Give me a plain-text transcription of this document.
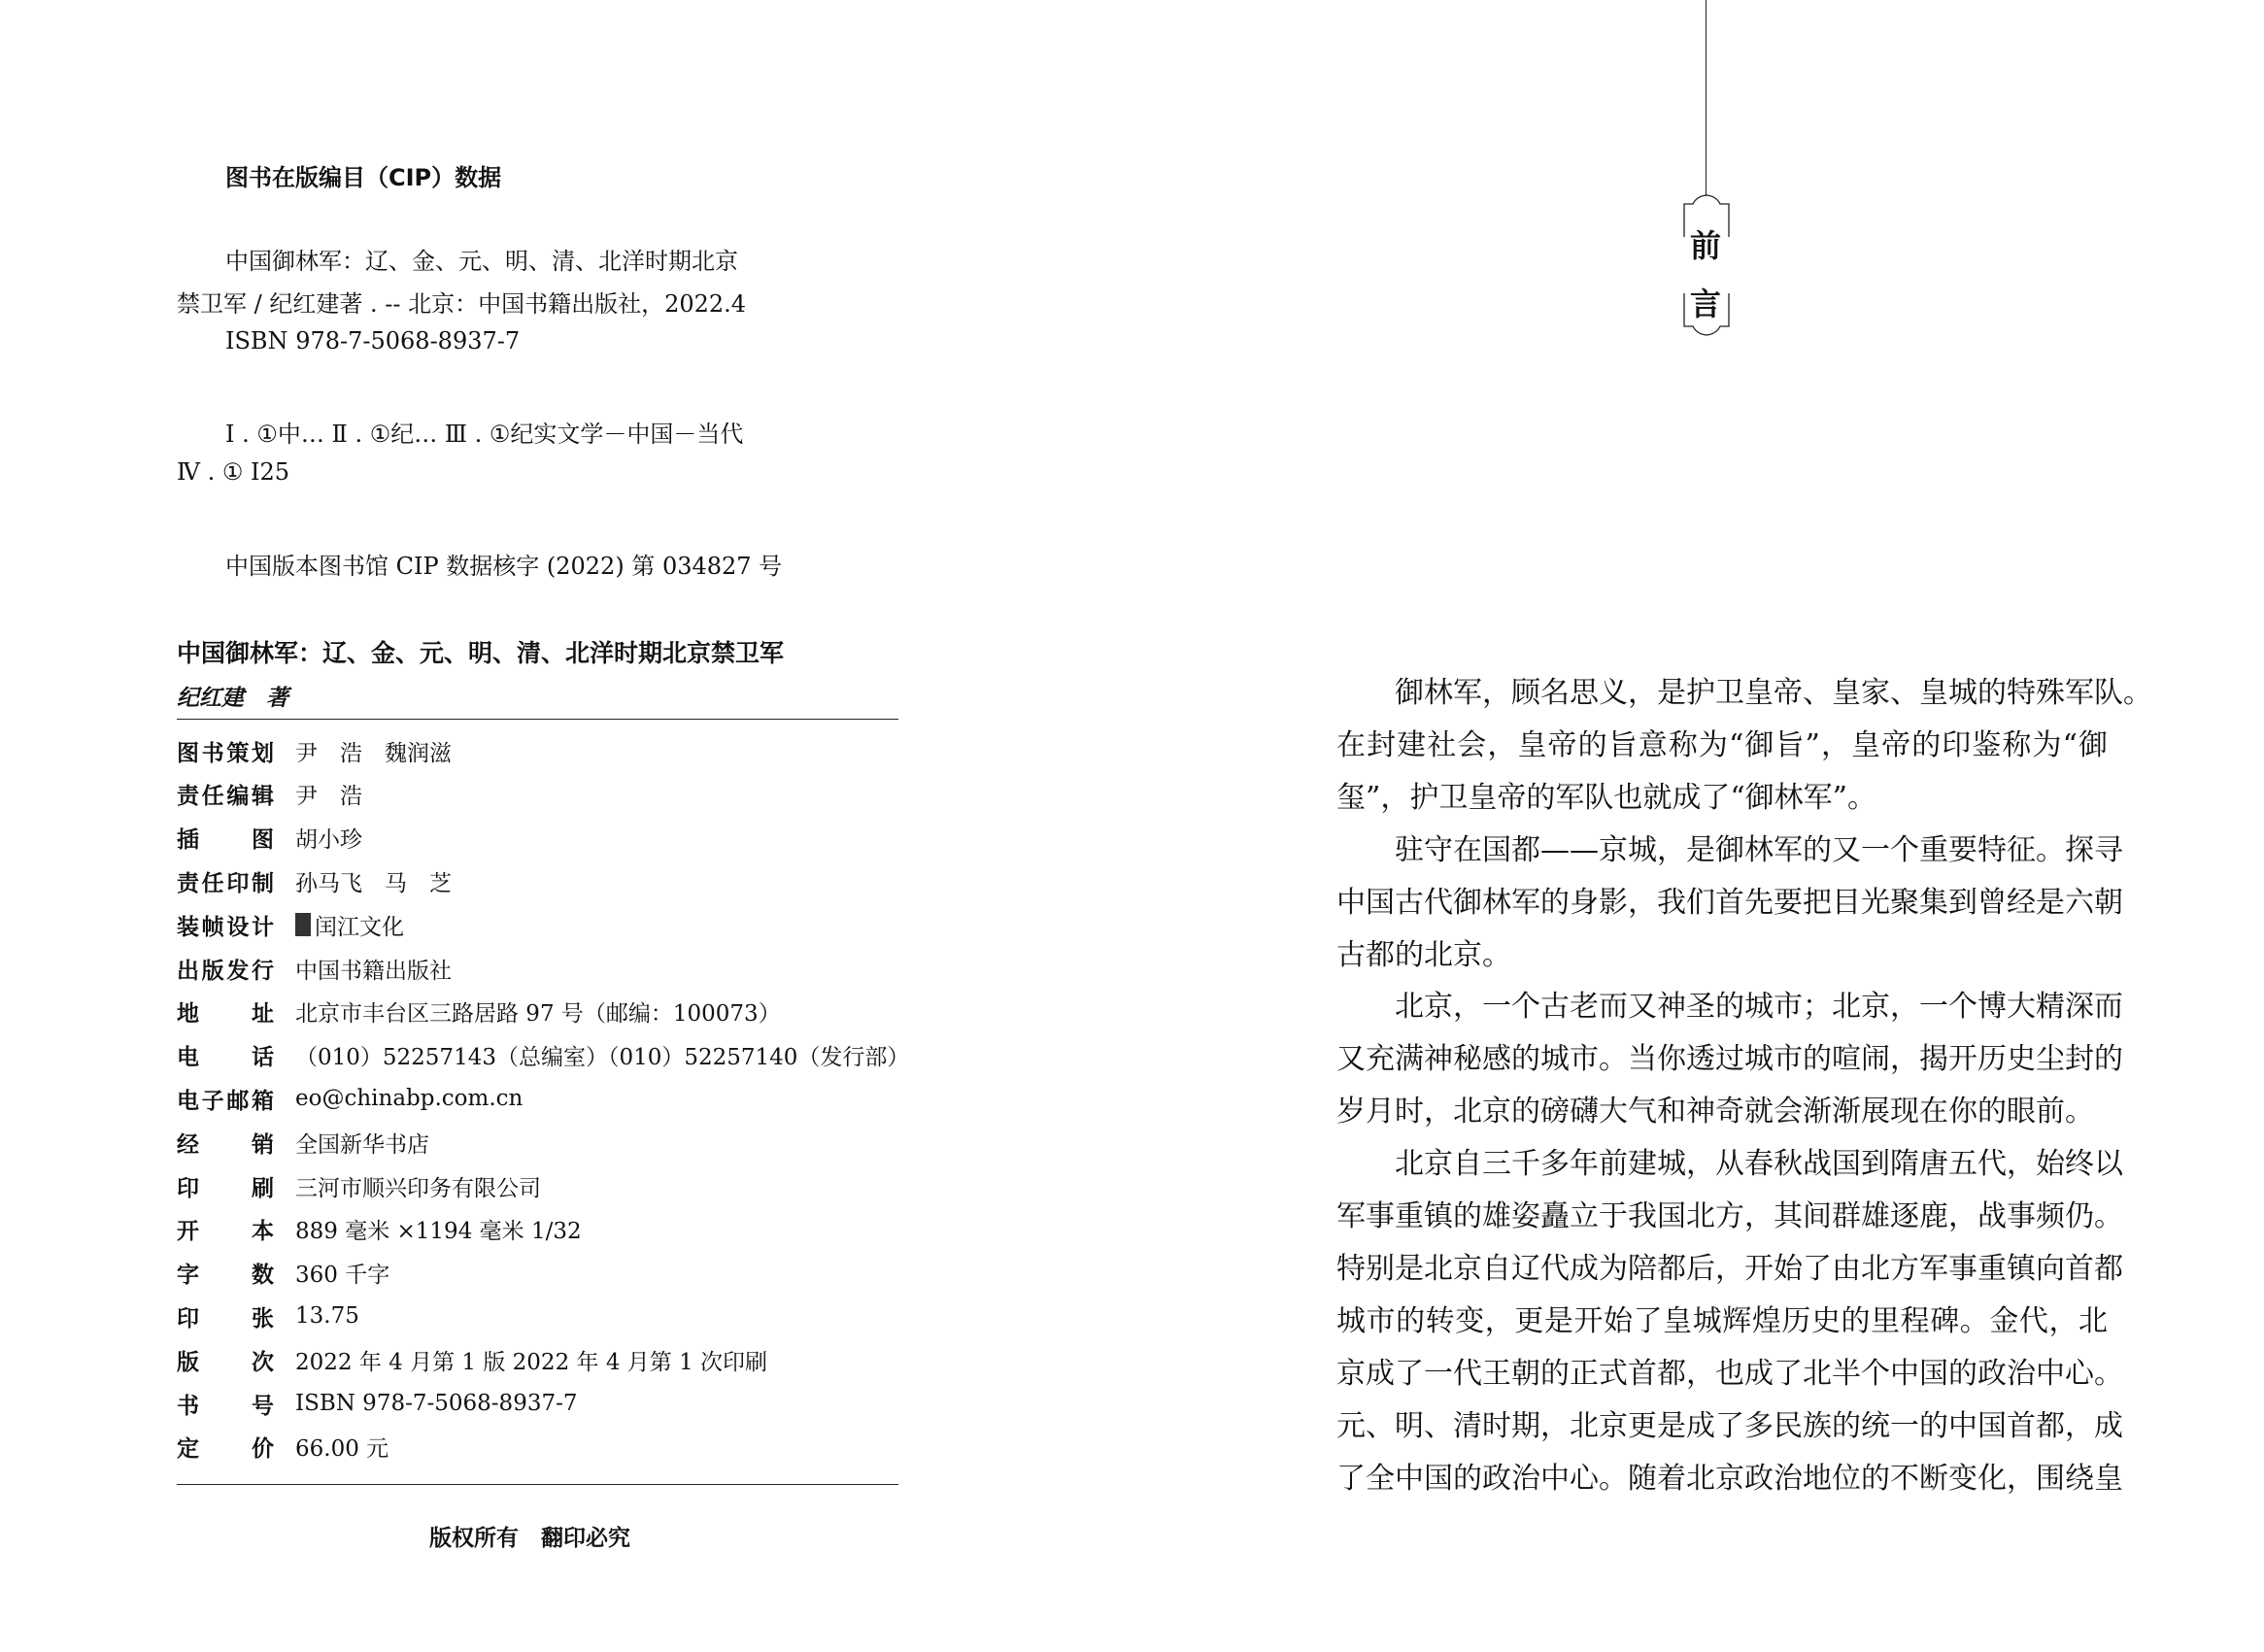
图书在版编目（CIP）数据
中国御林军：辽、金、元、明、清、北洋时期北京
禁卫军 / 纪红建著 . -- 北京：中国书籍出版社，2022.4
ISBN 978-7-5068-8937-7
Ⅰ . ①中… Ⅱ . ①纪… Ⅲ . ①纪实文学－中国－当代
Ⅳ . ① I25
中国版本图书馆 CIP 数据核字 (2022) 第 034827 号
中国御林军：辽、金、元、明、清、北洋时期北京禁卫军
纪红建　著
图书策划 尹　浩　魏润滋
责任编辑 尹　浩
插图 胡小珍
责任印制 孙马飞　马　芝
装帧设计 闰江文化
出版发行 中国书籍出版社
地址 北京市丰台区三路居路 97 号（邮编：100073）
电话 （010）52257143（总编室）（010）52257140（发行部）
电子邮箱 eo@chinabp.com.cn
经销 全国新华书店
印刷 三河市顺兴印务有限公司
开本 889 毫米 ×1194 毫米 1/32
字数 360 千字
印张 13.75
版次 2022 年 4 月第 1 版 2022 年 4 月第 1 次印刷
书号 ISBN 978-7-5068-8937-7
定价 66.00 元
版权所有　翻印必究
前
言
御林军，顾名思义，是护卫皇帝、皇家、皇城的特殊军队。
在封建社会，皇帝的旨意称为“御旨”，皇帝的印鉴称为“御
玺”，护卫皇帝的军队也就成了“御林军”。
驻守在国都——京城，是御林军的又一个重要特征。探寻
中国古代御林军的身影，我们首先要把目光聚集到曾经是六朝
古都的北京。
北京，一个古老而又神圣的城市；北京，一个博大精深而
又充满神秘感的城市。当你透过城市的喧闹，揭开历史尘封的
岁月时，北京的磅礴大气和神奇就会渐渐展现在你的眼前。
北京自三千多年前建城，从春秋战国到隋唐五代，始终以
军事重镇的雄姿矗立于我国北方，其间群雄逐鹿，战事频仍。
特别是北京自辽代成为陪都后，开始了由北方军事重镇向首都
城市的转变，更是开始了皇城辉煌历史的里程碑。金代，北
京成了一代王朝的正式首都，也成了北半个中国的政治中心。
元、明、清时期，北京更是成了多民族的统一的中国首都，成
了全中国的政治中心。随着北京政治地位的不断变化，围绕皇
